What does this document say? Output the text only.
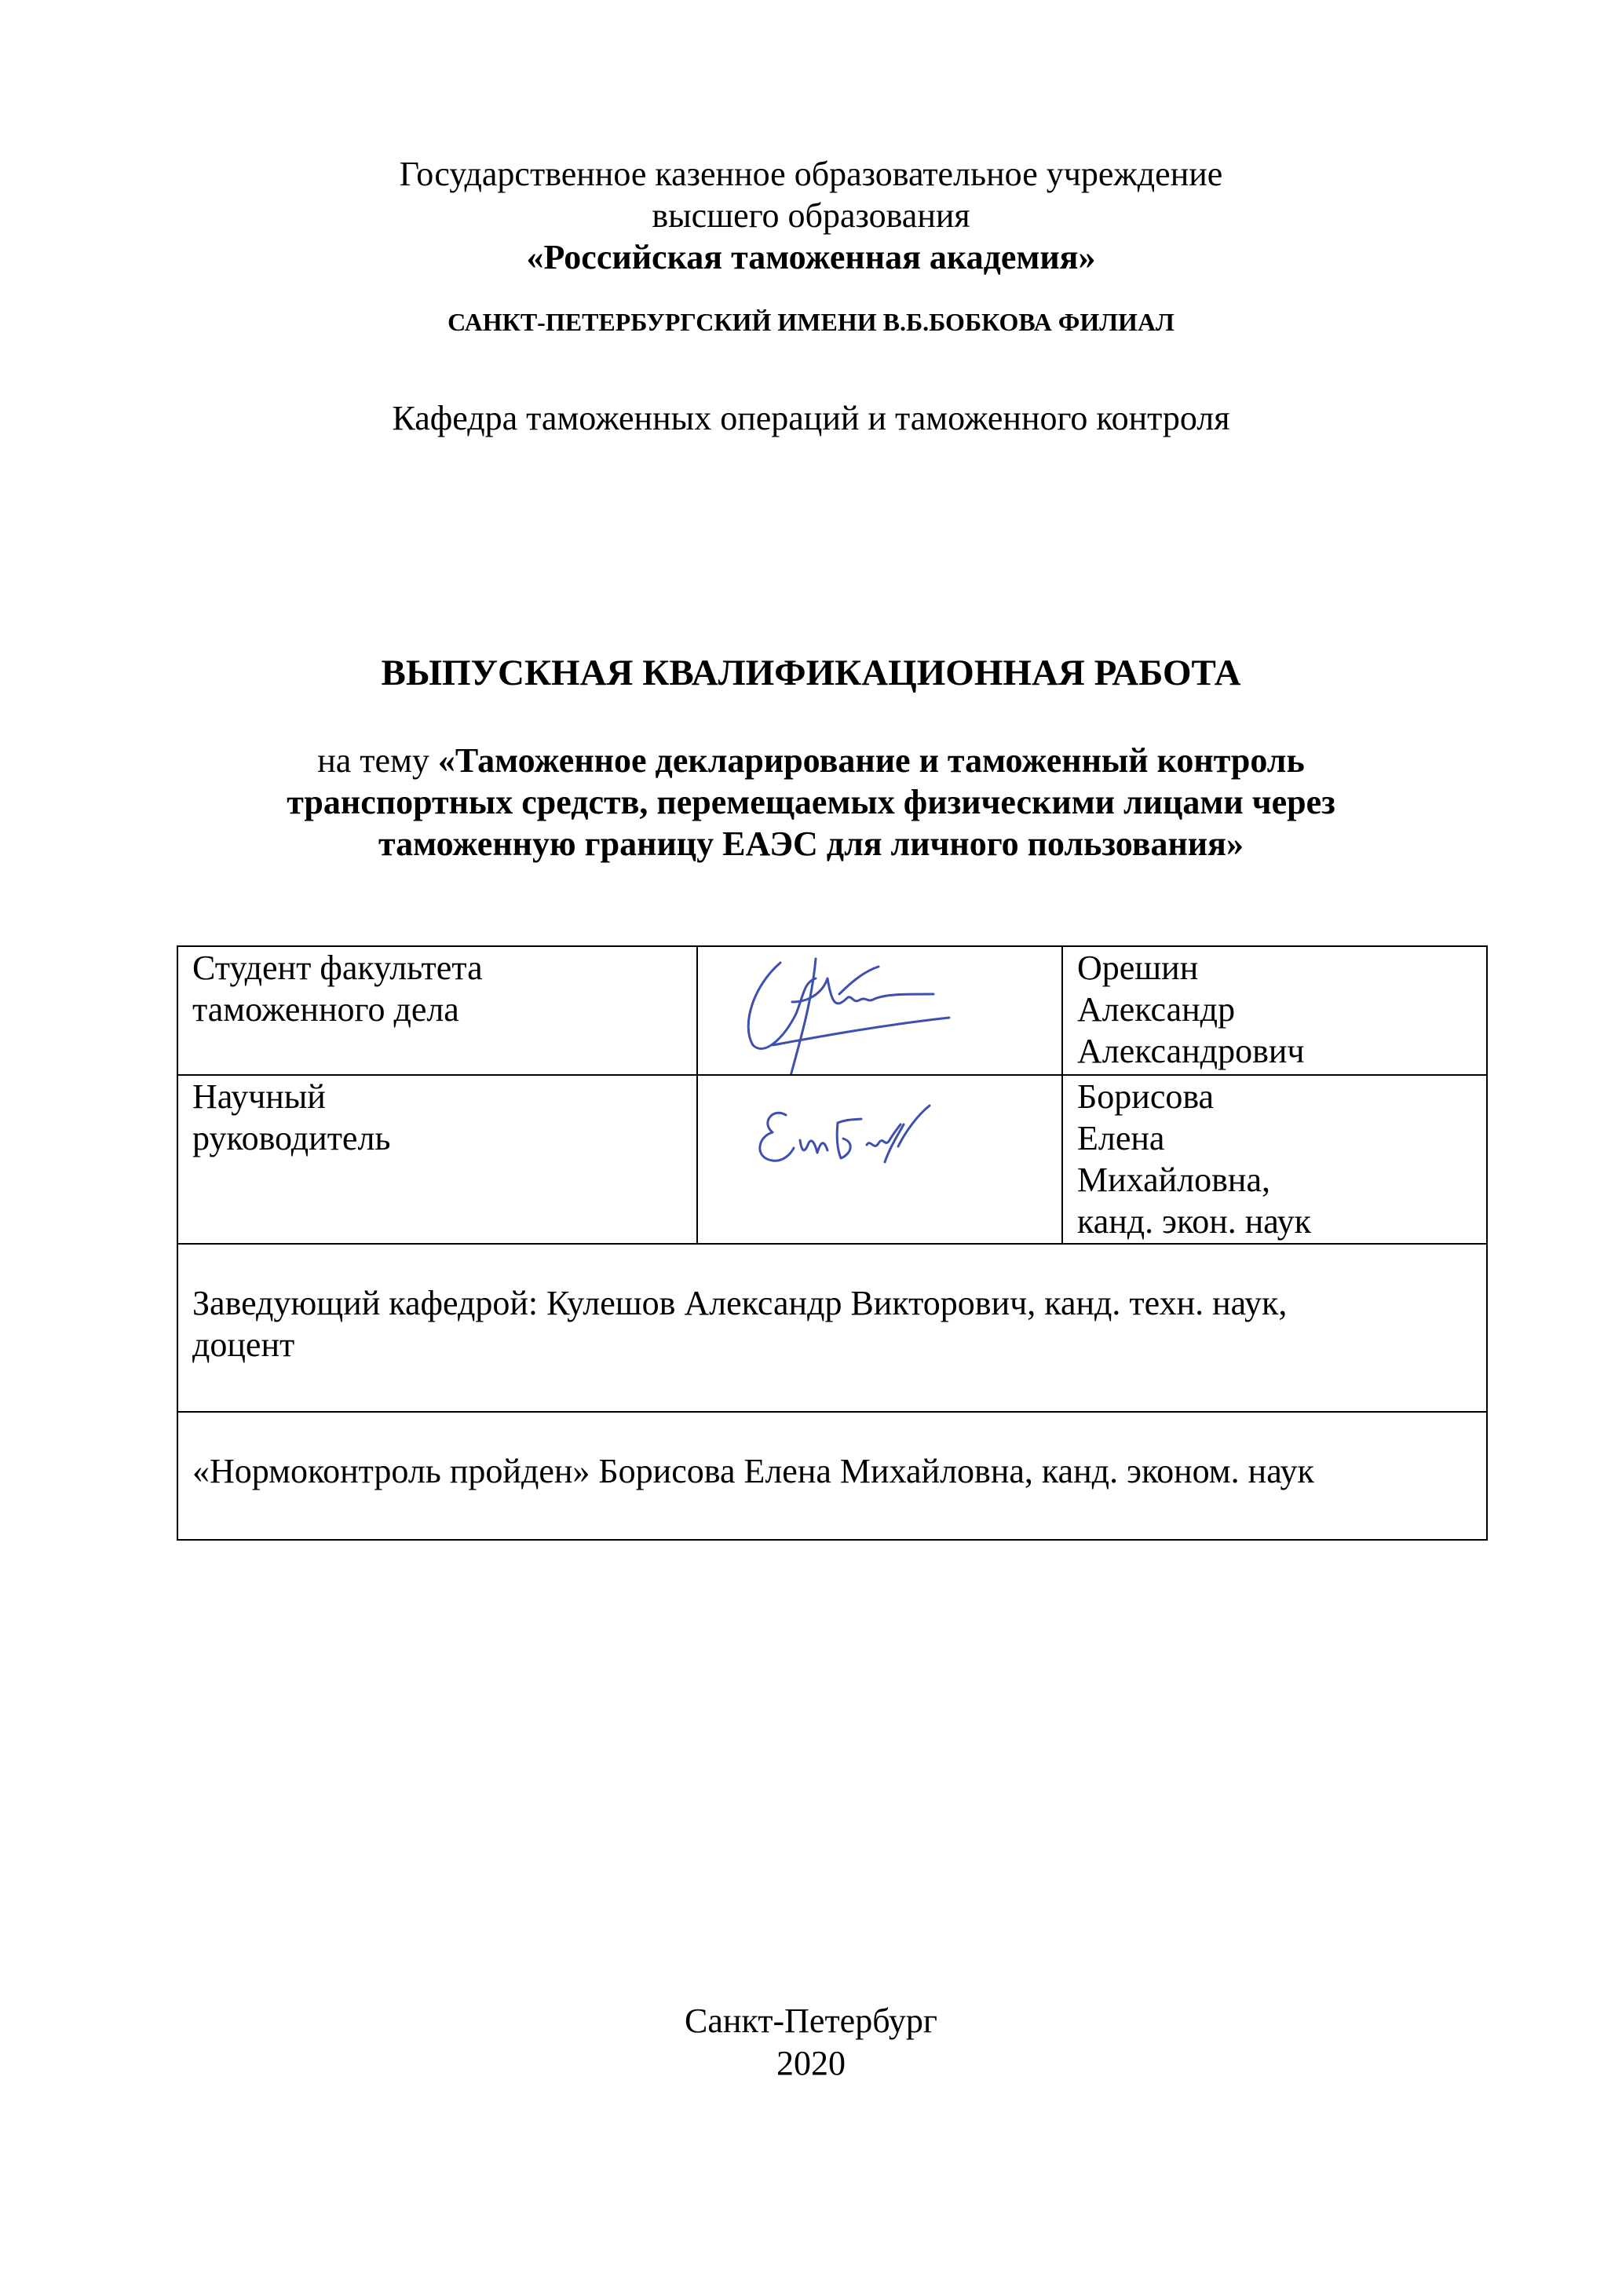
Государственное казенное образовательное учреждение
высшего образования
«Российская таможенная академия»
САНКТ-ПЕТЕРБУРГСКИЙ ИМЕНИ В.Б.БОБКОВА ФИЛИАЛ
Кафедра таможенных операций и таможенного контроля
ВЫПУСКНАЯ КВАЛИФИКАЦИОННАЯ РАБОТА
на тему «Таможенное декларирование и таможенный контроль
транспортных средств, перемещаемых физическими лицами через
таможенную границу ЕАЭС для личного пользования»
Студент факультета
таможенного дела		Орешин
Александр
Александрович

Научный
руководитель		Борисова
Елена
Михайловна,
канд. экон. наук

Заведующий кафедрой: Кулешов Александр Викторович, канд. техн. наук,
доцент		

«Нормоконтроль пройден» Борисова Елена Михайловна, канд. эконом. наук		
Санкт-Петербург
2020
